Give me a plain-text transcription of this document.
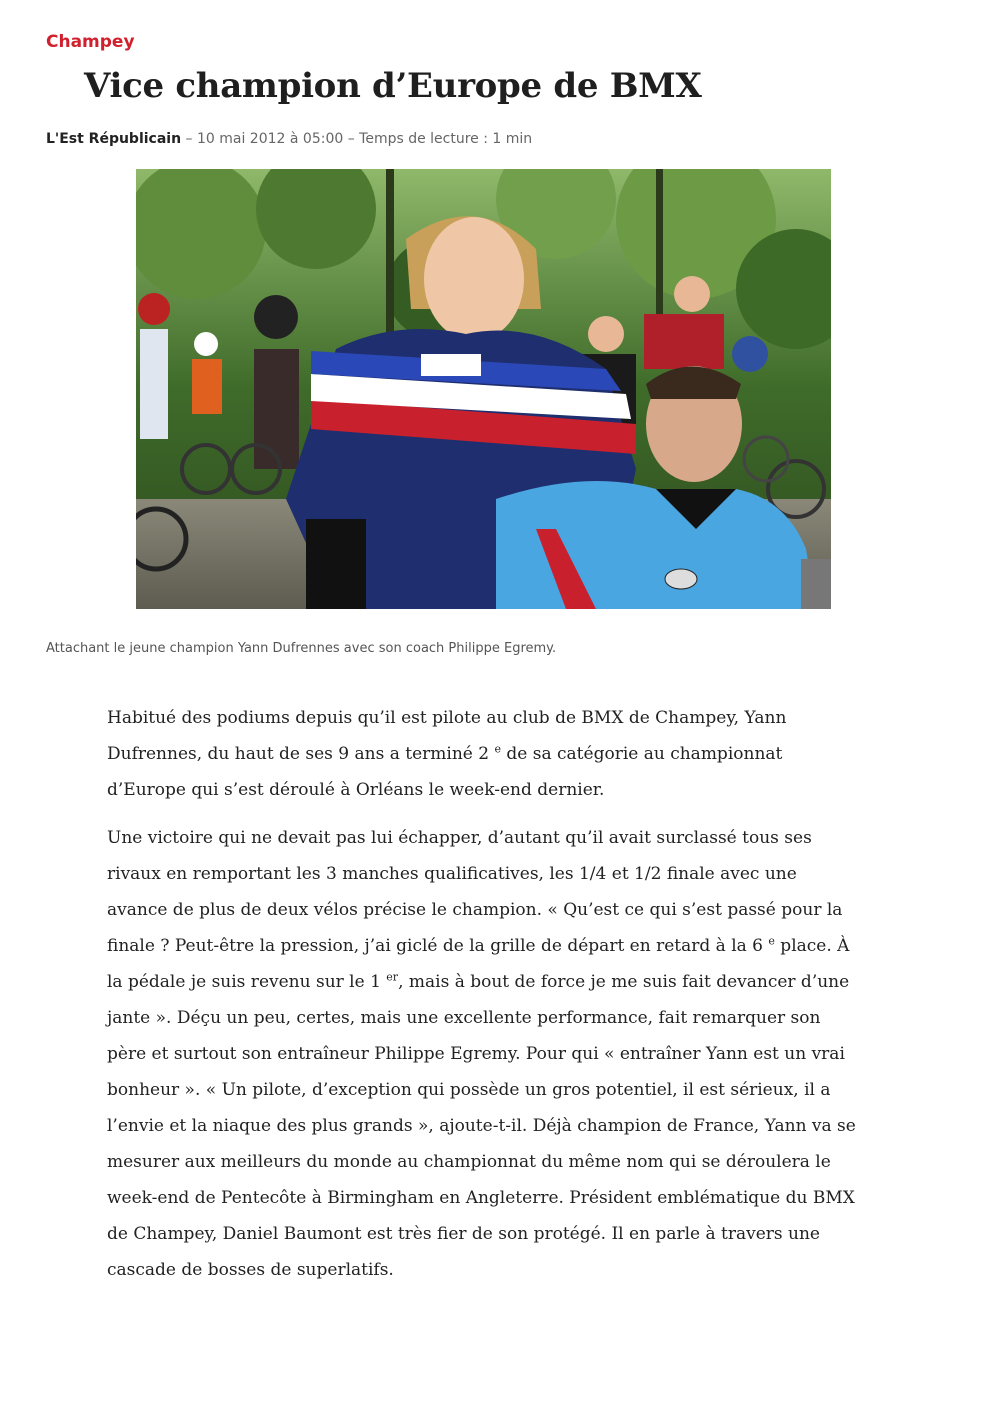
Champey
Vice champion d’Europe de BMX
L'Est Républicain – 10 mai 2012 à 05:00 – Temps de lecture : 1 min
Attachant le jeune champion Yann Dufrennes avec son coach Philippe Egremy.

Habitué des podiums depuis qu’il est pilote au club de BMX de Champey, Yann Dufrennes, du haut de ses 9 ans a terminé 2 $^e$ de sa catégorie au championnat d’Europe qui s’est déroulé à Orléans le week-end dernier.

Une victoire qui ne devait pas lui échapper, d’autant qu’il avait surclassé tous ses rivaux en remportant les 3 manches qualificatives, les 1/4 et 1/2 finale avec une avance de plus de deux vélos précise le champion. « Qu’est ce qui s’est passé pour la finale ? Peut-être la pression, j’ai giclé de la grille de départ en retard à la 6 $^e$ place. À la pédale je suis revenu sur le 1 $^{er}$, mais à bout de force je me suis fait devancer d’une jante ». Déçu un peu, certes, mais une excellente performance, fait remarquer son père et surtout son entraîneur Philippe Egremy. Pour qui « entraîner Yann est un vrai bonheur ». « Un pilote, d’exception qui possède un gros potentiel, il est sérieux, il a l’envie et la niaque des plus grands », ajoute-t-il. Déjà champion de France, Yann va se mesurer aux meilleurs du monde au championnat du même nom qui se déroulera le week-end de Pentecôte à Birmingham en Angleterre. Président emblématique du BMX de Champey, Daniel Baumont est très fier de son protégé. Il en parle à travers une cascade de bosses de superlatifs.
